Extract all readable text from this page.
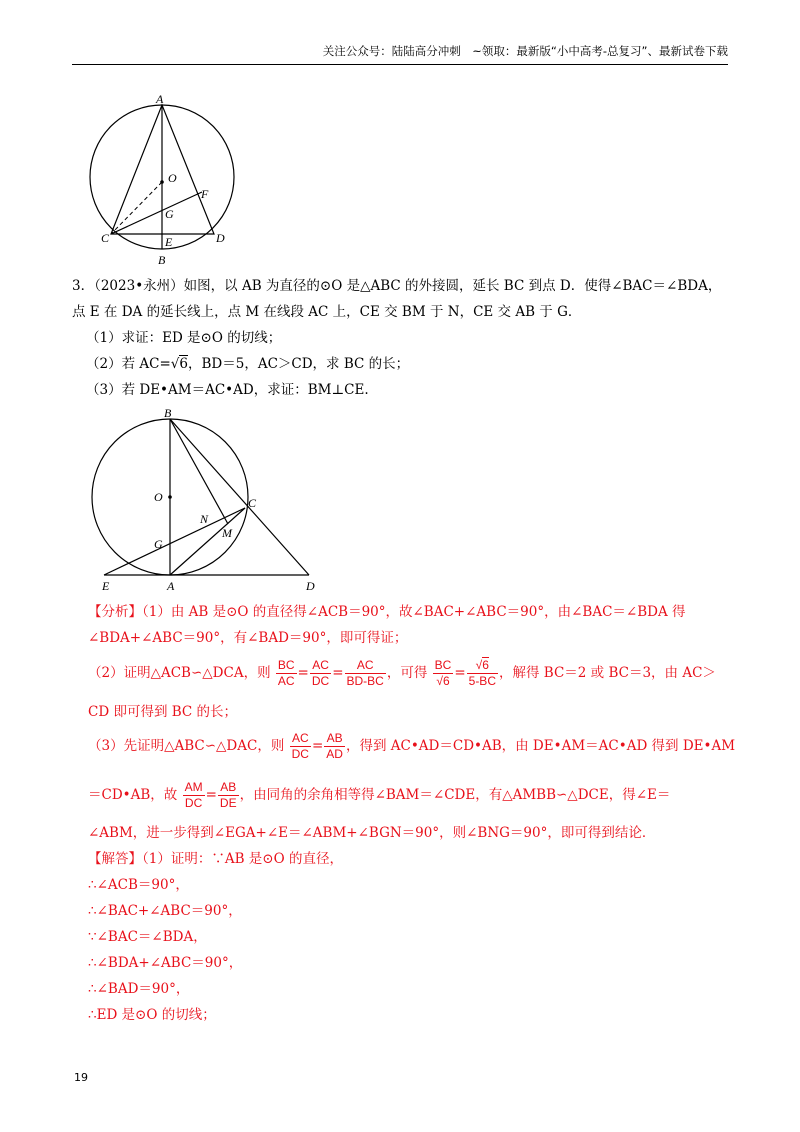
关注公众号：陆陆高分冲刺　~领取：最新版“小中高考-总复习”、最新试卷下载
A
O
F
G
C	E	D
B
3．（2023•永州）如图，以 AB 为直径的⊙O 是△ABC 的外接圆，延长 BC 到点 D．使得∠BAC＝∠BDA，
点 E 在 DA 的延长线上，点 M 在线段 AC 上，CE 交 BM 于 N，CE 交 AB 于 G．
（1）求证：ED 是⊙O 的切线；
（2）若 AC=√6，BD＝5，AC＞CD，求 BC 的长；
（3）若 DE•AM＝AC•AD，求证：BM⊥CE.
B
O	C
N
M
G
E	A	D
【分析】（1）由 AB 是⊙O 的直径得∠ACB＝90°，故∠BAC+∠ABC＝90°，由∠BAC＝∠BDA 得
∠BDA+∠ABC＝90°，有∠BAD＝90°，即可得证；
（2）证明△ACB∽△DCA，则 $\frac{BC}{AC} = \frac{AC}{DC} = \frac{AC}{BD-BC}$ ，可得 $\frac{BC}{√6} = \frac{√6}{5-BC}$ ，解得 BC＝2 或 BC＝3，由 AC＞
CD 即可得到 BC 的长；
（3）先证明△ABC∽△DAC，则 $\frac{AC}{DC} = \frac{AB}{AD}$ ，得到 AC•AD＝CD•AB，由 DE•AM＝AC•AD 得到 DE•AM
＝CD•AB，故 $\frac{AM}{DC} = \frac{AB}{DE}$ ，由同角的余角相等得∠BAM＝∠CDE，有△AMBB∽△DCE，得∠E＝
∠ABM，进一步得到∠EGA+∠E＝∠ABM+∠BGN＝90°，则∠BNG＝90°，即可得到结论．
【解答】（1）证明：∵AB 是⊙O 的直径，
∴∠ACB＝90°，
∴∠BAC+∠ABC＝90°，
∵∠BAC＝∠BDA，
∴∠BDA+∠ABC＝90°，
∴∠BAD＝90°，
∴ED 是⊙O 的切线；
19
